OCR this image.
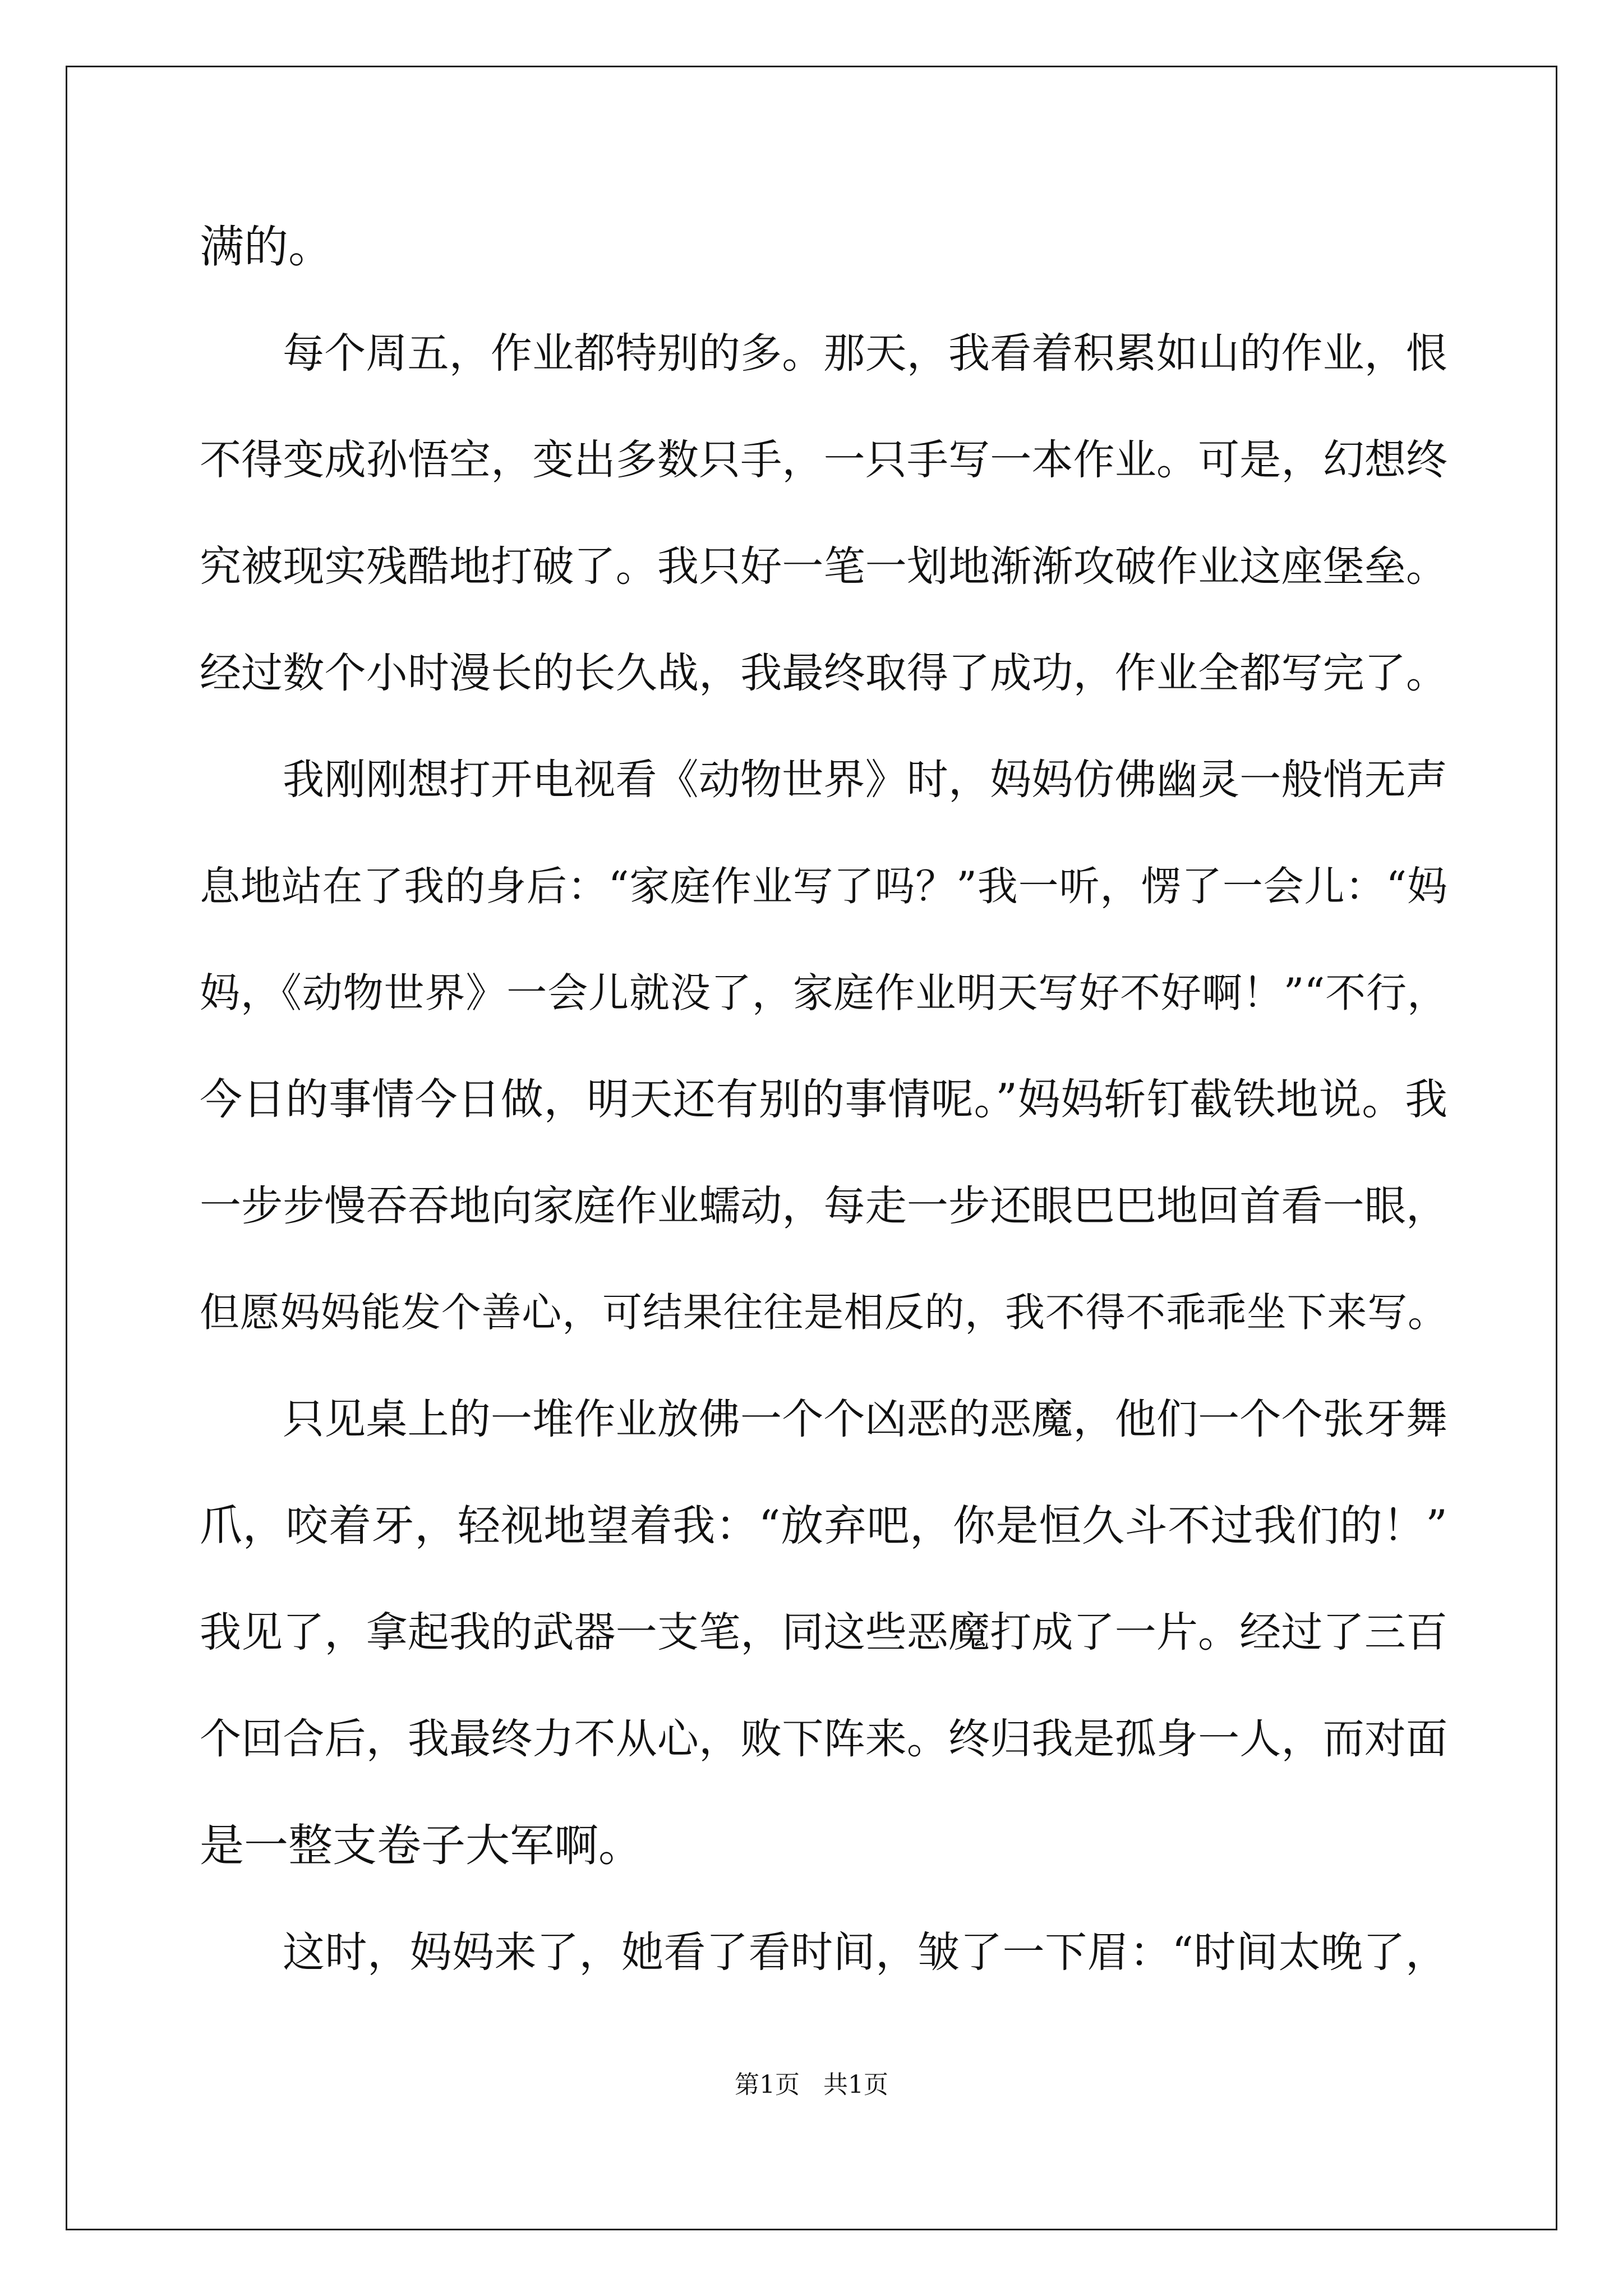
满的。
每个周五，作业都特别的多。那天，我看着积累如山的作业，恨
不得变成孙悟空，变出多数只手，一只手写一本作业。可是，幻想终
究被现实残酷地打破了。我只好一笔一划地渐渐攻破作业这座堡垒。
经过数个小时漫长的长久战，我最终取得了成功，作业全都写完了。
我刚刚想打开电视看《动物世界》时，妈妈仿佛幽灵一般悄无声
息地站在了我的身后：“家庭作业写了吗？”我一听，愣了一会儿：“妈
妈，《动物世界》一会儿就没了，家庭作业明天写好不好啊！”“不行，
今日的事情今日做，明天还有别的事情呢。”妈妈斩钉截铁地说。我
一步步慢吞吞地向家庭作业蠕动，每走一步还眼巴巴地回首看一眼，
但愿妈妈能发个善心，可结果往往是相反的，我不得不乖乖坐下来写。
只见桌上的一堆作业放佛一个个凶恶的恶魔，他们一个个张牙舞
爪，咬着牙，轻视地望着我：“放弃吧，你是恒久斗不过我们的！”
我见了，拿起我的武器一支笔，同这些恶魔打成了一片。经过了三百
个回合后，我最终力不从心，败下阵来。终归我是孤身一人，而对面
是一整支卷子大军啊。
这时，妈妈来了，她看了看时间，皱了一下眉：“时间太晚了，
第1页 共1页
